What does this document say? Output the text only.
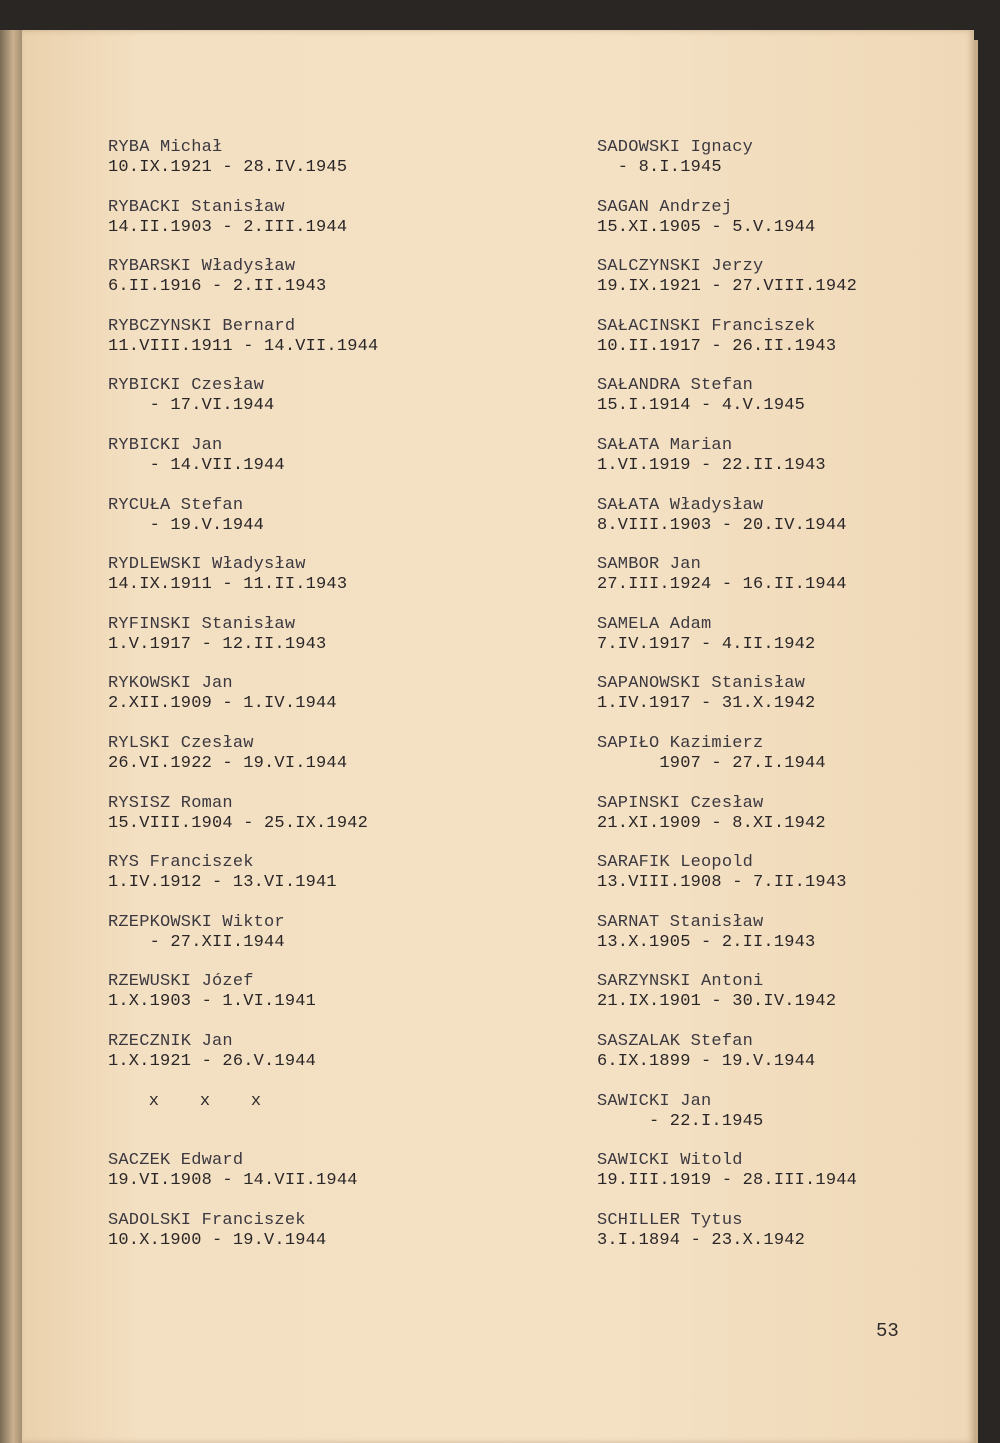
RYBA Michał
10.IX.1921 - 28.IV.1945
RYBACKI Stanisław
14.II.1903 - 2.III.1944
RYBARSKI Władysław
6.II.1916 - 2.II.1943
RYBCZYNSKI Bernard
11.VIII.1911 - 14.VII.1944
RYBICKI Czesław
- 17.VI.1944
RYBICKI Jan
- 14.VII.1944
RYCUŁA Stefan
- 19.V.1944
RYDLEWSKI Władysław
14.IX.1911 - 11.II.1943
RYFINSKI Stanisław
1.V.1917 - 12.II.1943
RYKOWSKI Jan
2.XII.1909 - 1.IV.1944
RYLSKI Czesław
26.VI.1922 - 19.VI.1944
RYSISZ Roman
15.VIII.1904 - 25.IX.1942
RYS Franciszek
1.IV.1912 - 13.VI.1941
RZEPKOWSKI Wiktor
- 27.XII.1944
RZEWUSKI Józef
1.X.1903 - 1.VI.1941
RZECZNIK Jan
1.X.1921 - 26.V.1944
x    x    x
SACZEK Edward
19.VI.1908 - 14.VII.1944
SADOLSKI Franciszek
10.X.1900 - 19.V.1944
SADOWSKI Ignacy
- 8.I.1945
SAGAN Andrzej
15.XI.1905 - 5.V.1944
SALCZYNSKI Jerzy
19.IX.1921 - 27.VIII.1942
SAŁACINSKI Franciszek
10.II.1917 - 26.II.1943
SAŁANDRA Stefan
15.I.1914 - 4.V.1945
SAŁATA Marian
1.VI.1919 - 22.II.1943
SAŁATA Władysław
8.VIII.1903 - 20.IV.1944
SAMBOR Jan
27.III.1924 - 16.II.1944
SAMELA Adam
7.IV.1917 - 4.II.1942
SAPANOWSKI Stanisław
1.IV.1917 - 31.X.1942
SAPIŁO Kazimierz
1907 - 27.I.1944
SAPINSKI Czesław
21.XI.1909 - 8.XI.1942
SARAFIK Leopold
13.VIII.1908 - 7.II.1943
SARNAT Stanisław
13.X.1905 - 2.II.1943
SARZYNSKI Antoni
21.IX.1901 - 30.IV.1942
SASZALAK Stefan
6.IX.1899 - 19.V.1944
SAWICKI Jan
- 22.I.1945
SAWICKI Witold
19.III.1919 - 28.III.1944
SCHILLER Tytus
3.I.1894 - 23.X.1942
53
